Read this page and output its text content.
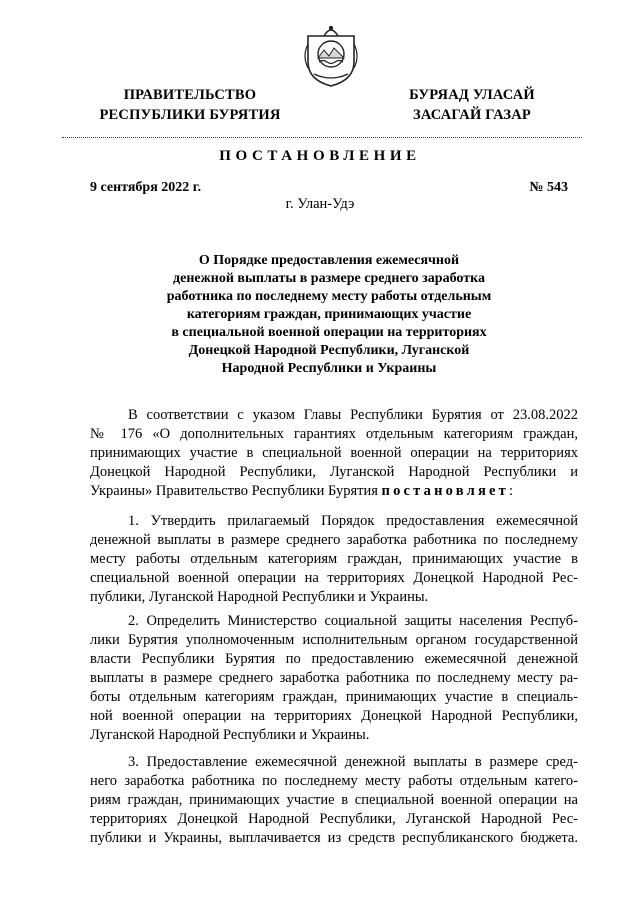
ПРАВИТЕЛЬСТВО
РЕСПУБЛИКИ БУРЯТИЯ
БУРЯАД УЛАСАЙ
ЗАСАГАЙ ГАЗАР
ПОСТАНОВЛЕНИЕ
9 сентября 2022 г.	№ 543
г. Улан-Удэ
О Порядке предоставления ежемесячной
денежной выплаты в размере среднего заработка
работника по последнему месту работы отдельным
категориям граждан, принимающих участие
в специальной военной операции на территориях
Донецкой Народной Республики, Луганской
Народной Республики и Украины
В соответствии с указом Главы Республики Бурятия от 23.08.2022
№ 176 «О дополнительных гарантиях отдельным категориям граждан,
принимающих участие в специальной военной операции на территориях
Донецкой Народной Республики, Луганской Народной Республики и
Украины» Правительство Республики Бурятия постановляет:
1. Утвердить прилагаемый Порядок предоставления ежемесячной
денежной выплаты в размере среднего заработка работника по последнему
месту работы отдельным категориям граждан, принимающих участие в
специальной военной операции на территориях Донецкой Народной Рес-
публики, Луганской Народной Республики и Украины.
2. Определить Министерство социальной защиты населения Респуб-
лики Бурятия уполномоченным исполнительным органом государственной
власти Республики Бурятия по предоставлению ежемесячной денежной
выплаты в размере среднего заработка работника по последнему месту ра-
боты отдельным категориям граждан, принимающих участие в специаль-
ной военной операции на территориях Донецкой Народной Республики,
Луганской Народной Республики и Украины.
3. Предоставление ежемесячной денежной выплаты в размере сред-
него заработка работника по последнему месту работы отдельным катего-
риям граждан, принимающих участие в специальной военной операции на
территориях Донецкой Народной Республики, Луганской Народной Рес-
публики и Украины, выплачивается из средств республиканского бюджета.
